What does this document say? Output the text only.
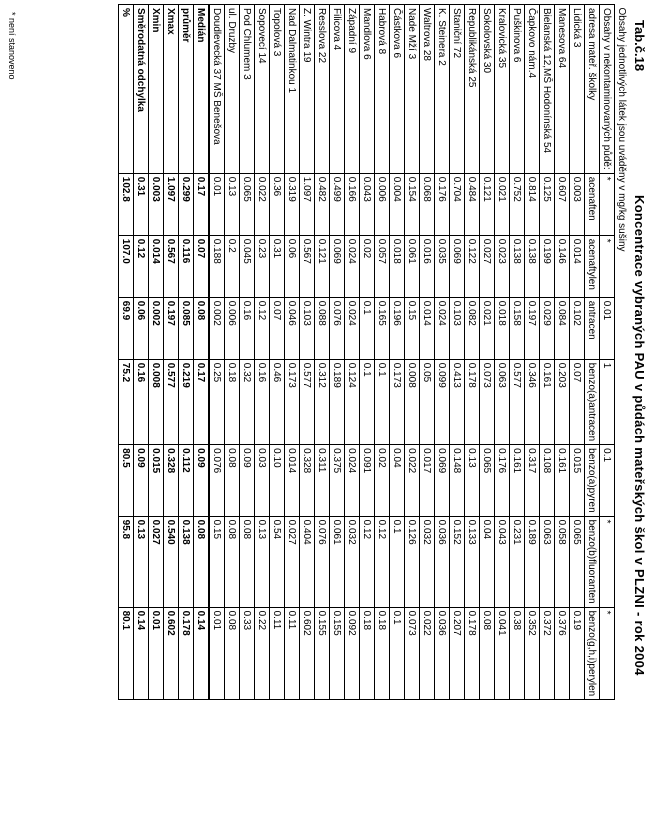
Tab.č.18
Koncentrace vybraných PAU v půdách mateřských škol v PLZNI - rok 2004
Obsahy jednotlivých látek jsou uváděny v mg/kg sušiny							
Obsahy v nekontaminovaných půdě:	*	*	0.01	1	0.1	*	*
adresa mateř. školky	acenaften	acenaftylen	antracen	benzo(a)antracen	benzo(a)pyren	benzo(b)fluoranten	benzo(g,h,i)perylen
Lidická 3	0.003	0.014	0.102	0.07	0.015	0.065	0.19
Manesova 64	0.607	0.146	0.084	0.203	0.161	0.058	0.376
Bielanská 12,MŠ Hodonínská 54	0.125	0.199	0.029	0.161	0.108	0.063	0.372
Čapkovo nám.4	0.814	0.138	0.197	0.346	0.317	0.189	0.352
Puškinova 6	0.752	0.138	0.158	0.577	0.161	0.231	0.38
Kralovická 35	0.021	0.023	0.018	0.063	0.176	0.043	0.041
Sokolovská 30	0.121	0.027	0.021	0.073	0.065	0.04	0.08
Republikánská 25	0.484	0.122	0.082	0.178	0.13	0.133	0.178
Staniční 72	0.704	0.069	0.103	0.413	0.148	0.152	0.207
K. Steinera 2	0.176	0.035	0.024	0.099	0.069	0.036	0.036
Waltrova 28	0.068	0.016	0.014	0.05	0.017	0.032	0.022
Nade Mží 3	0.154	0.061	0.15	0.008	0.022	0.126	0.073
Částkova 6	0.004	0.018	0.196	0.173	0.04	0.1	0.1
Habrová 8	0.006	0.057	0.165	0.1	0.02	0.12	0.18
Mandlova 6	0.043	0.02	0.1	0.1	0.091	0.12	0.18
Západní 9	0.166	0.024	0.024	0.124	0.024	0.032	0.092
Filicova 4	0.499	0.069	0.076	0.189	0.375	0.061	0.155
Resslova 22	0.482	0.121	0.088	0.312	0.311	0.076	0.155
Z. Wintra 19	1.097	0.567	0.103	0.577	0.328	0.404	0.602
Nad Dalmatinkou 1	0.319	0.06	0.046	0.173	0.014	0.027	0.11
Topolová 3	0.36	0.31	0.07	0.46	0.10	0.54	0.11
Sopovecí 14	0.022	0.23	0.12	0.16	0.03	0.13	0.22
Pod Chlumem 3	0.065	0.045	0.16	0.32	0.09	0.08	0.33
ul. Druzby	0.13	0.2	0.006	0.18	0.08	0.08	0.08
Doudlevecká 37 MŠ Benešova	0.01	0.188	0.002	0.25	0.076	0.15	0.01
Medián	0.17	0.07	0.08	0.17	0.09	0.08	0.14
průměr	0.299	0.116	0.085	0.219	0.112	0.138	0.178
Xmax	1.097	0.567	0.197	0.577	0.328	0.540	0.602
Xmin	0.003	0.014	0.002	0.008	0.015	0.027	0.01
Směrodatná odchylka	0.31	0.12	0.06	0.16	0.09	0.13	0.14
%	102.8	107.0	69.9	75.2	80.5	95.8	80.1
* není stanoveno
